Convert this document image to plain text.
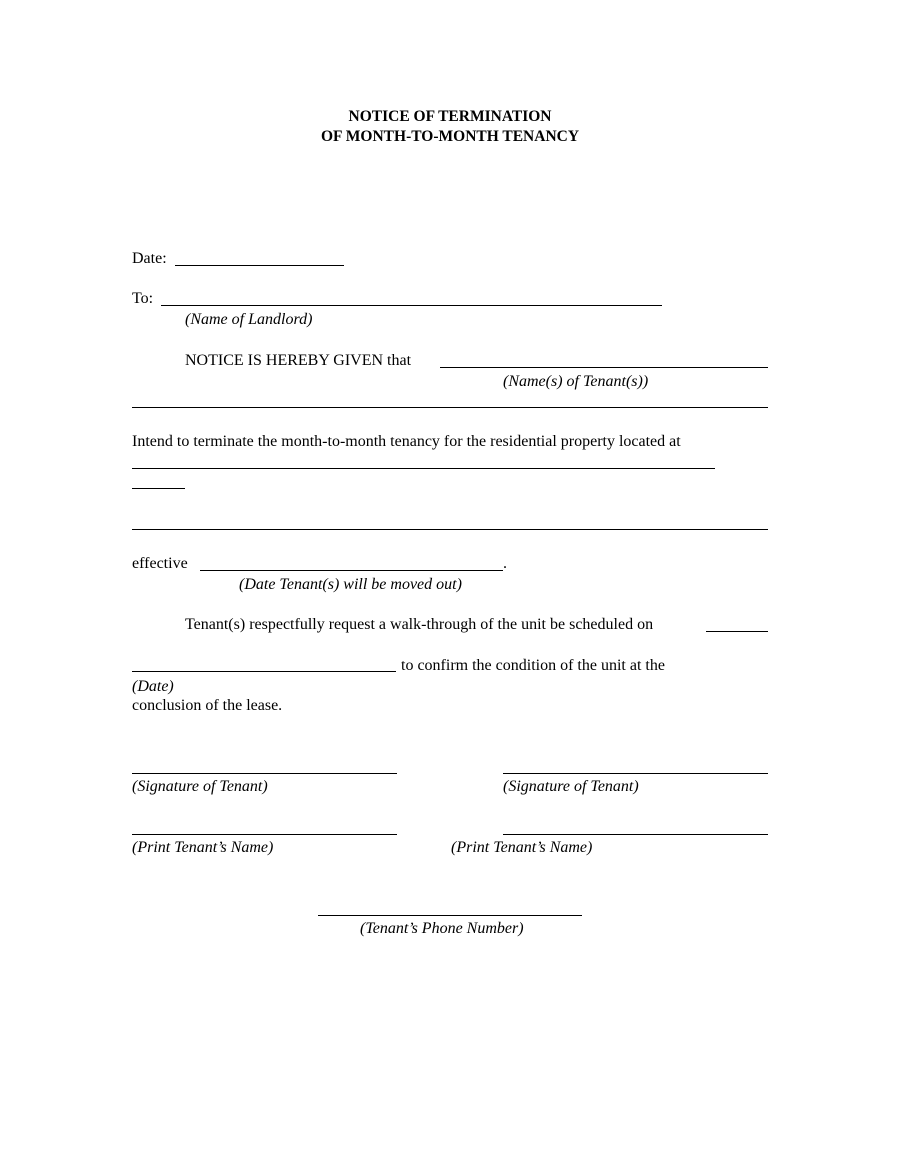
NOTICE OF TERMINATION
OF MONTH-TO-MONTH TENANCY
Date:
To:
(Name of Landlord)
NOTICE IS HEREBY GIVEN that
(Name(s) of Tenant(s))
Intend to terminate the month-to-month tenancy for the residential property located at
effective	.
(Date Tenant(s) will be moved out)
Tenant(s) respectfully request a walk-through of the unit be scheduled on
to confirm the condition of the unit at the
(Date)
conclusion of the lease.
(Signature of Tenant)	(Signature of Tenant)
(Print Tenant’s Name)	(Print Tenant’s Name)
(Tenant’s Phone Number)
